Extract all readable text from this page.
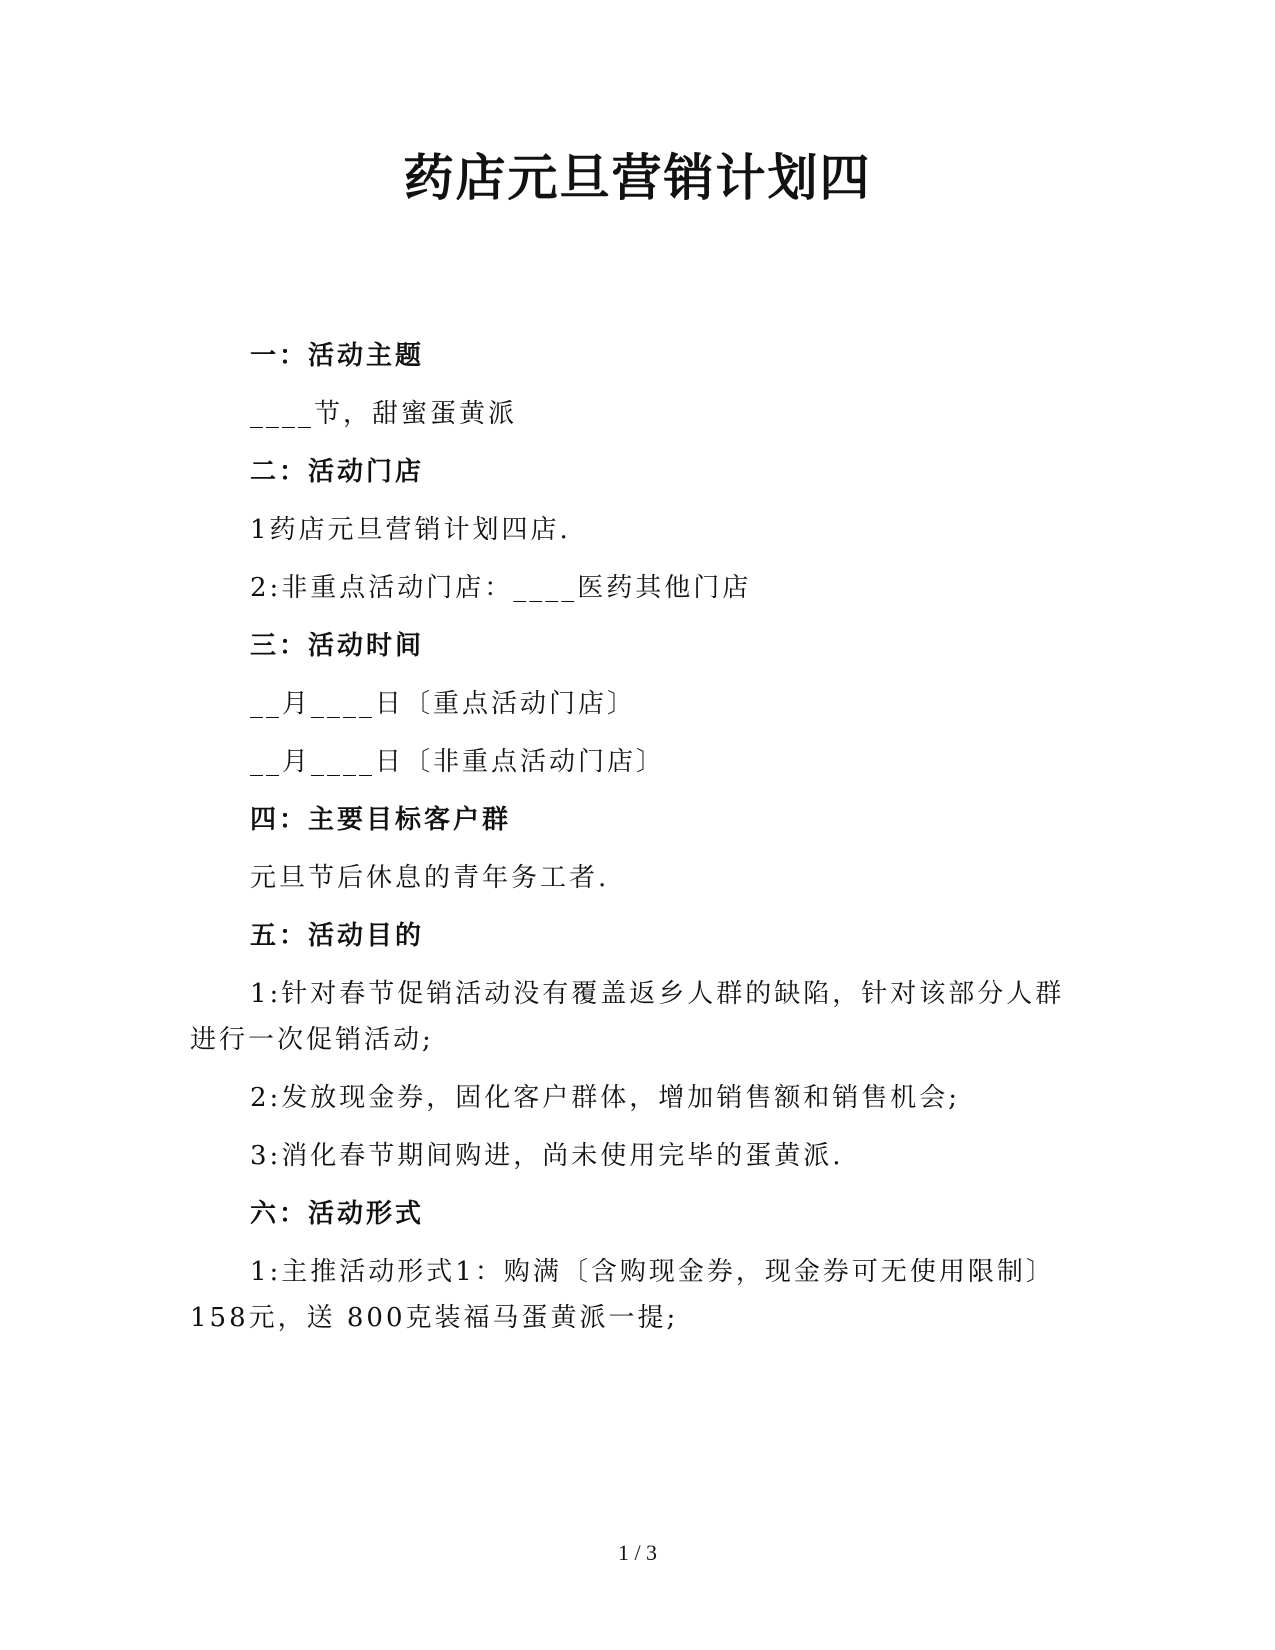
药店元旦营销计划四

一：活动主题

____节，甜蜜蛋黄派

二：活动门店

1药店元旦营销计划四店.

2:非重点活动门店：____医药其他门店

三：活动时间

__月____日〔重点活动门店〕

__月____日〔非重点活动门店〕

四：主要目标客户群

元旦节后休息的青年务工者.

五：活动目的

1:针对春节促销活动没有覆盖返乡人群的缺陷，针对该部分人群进行一次促销活动;

2:发放现金券，固化客户群体，增加销售额和销售机会;

3:消化春节期间购进，尚未使用完毕的蛋黄派.

六：活动形式

1:主推活动形式1：购满〔含购现金券，现金券可无使用限制〕158元，送 800克装福马蛋黄派一提;

1 / 3
